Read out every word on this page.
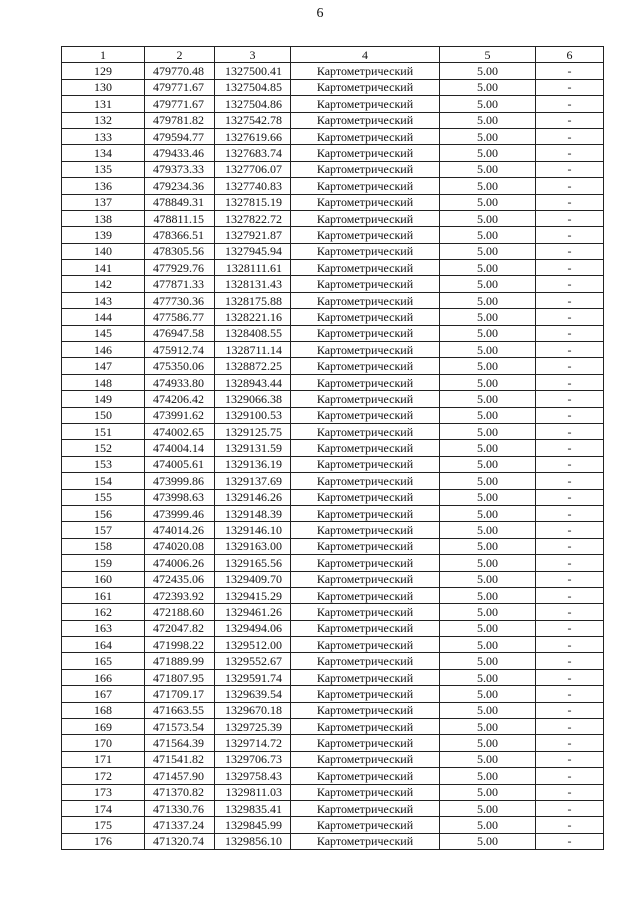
6
1	2	3	4	5	6
129	479770.48	1327500.41	Картометрический	5.00	-
130	479771.67	1327504.85	Картометрический	5.00	-
131	479771.67	1327504.86	Картометрический	5.00	-
132	479781.82	1327542.78	Картометрический	5.00	-
133	479594.77	1327619.66	Картометрический	5.00	-
134	479433.46	1327683.74	Картометрический	5.00	-
135	479373.33	1327706.07	Картометрический	5.00	-
136	479234.36	1327740.83	Картометрический	5.00	-
137	478849.31	1327815.19	Картометрический	5.00	-
138	478811.15	1327822.72	Картометрический	5.00	-
139	478366.51	1327921.87	Картометрический	5.00	-
140	478305.56	1327945.94	Картометрический	5.00	-
141	477929.76	1328111.61	Картометрический	5.00	-
142	477871.33	1328131.43	Картометрический	5.00	-
143	477730.36	1328175.88	Картометрический	5.00	-
144	477586.77	1328221.16	Картометрический	5.00	-
145	476947.58	1328408.55	Картометрический	5.00	-
146	475912.74	1328711.14	Картометрический	5.00	-
147	475350.06	1328872.25	Картометрический	5.00	-
148	474933.80	1328943.44	Картометрический	5.00	-
149	474206.42	1329066.38	Картометрический	5.00	-
150	473991.62	1329100.53	Картометрический	5.00	-
151	474002.65	1329125.75	Картометрический	5.00	-
152	474004.14	1329131.59	Картометрический	5.00	-
153	474005.61	1329136.19	Картометрический	5.00	-
154	473999.86	1329137.69	Картометрический	5.00	-
155	473998.63	1329146.26	Картометрический	5.00	-
156	473999.46	1329148.39	Картометрический	5.00	-
157	474014.26	1329146.10	Картометрический	5.00	-
158	474020.08	1329163.00	Картометрический	5.00	-
159	474006.26	1329165.56	Картометрический	5.00	-
160	472435.06	1329409.70	Картометрический	5.00	-
161	472393.92	1329415.29	Картометрический	5.00	-
162	472188.60	1329461.26	Картометрический	5.00	-
163	472047.82	1329494.06	Картометрический	5.00	-
164	471998.22	1329512.00	Картометрический	5.00	-
165	471889.99	1329552.67	Картометрический	5.00	-
166	471807.95	1329591.74	Картометрический	5.00	-
167	471709.17	1329639.54	Картометрический	5.00	-
168	471663.55	1329670.18	Картометрический	5.00	-
169	471573.54	1329725.39	Картометрический	5.00	-
170	471564.39	1329714.72	Картометрический	5.00	-
171	471541.82	1329706.73	Картометрический	5.00	-
172	471457.90	1329758.43	Картометрический	5.00	-
173	471370.82	1329811.03	Картометрический	5.00	-
174	471330.76	1329835.41	Картометрический	5.00	-
175	471337.24	1329845.99	Картометрический	5.00	-
176	471320.74	1329856.10	Картометрический	5.00	-
